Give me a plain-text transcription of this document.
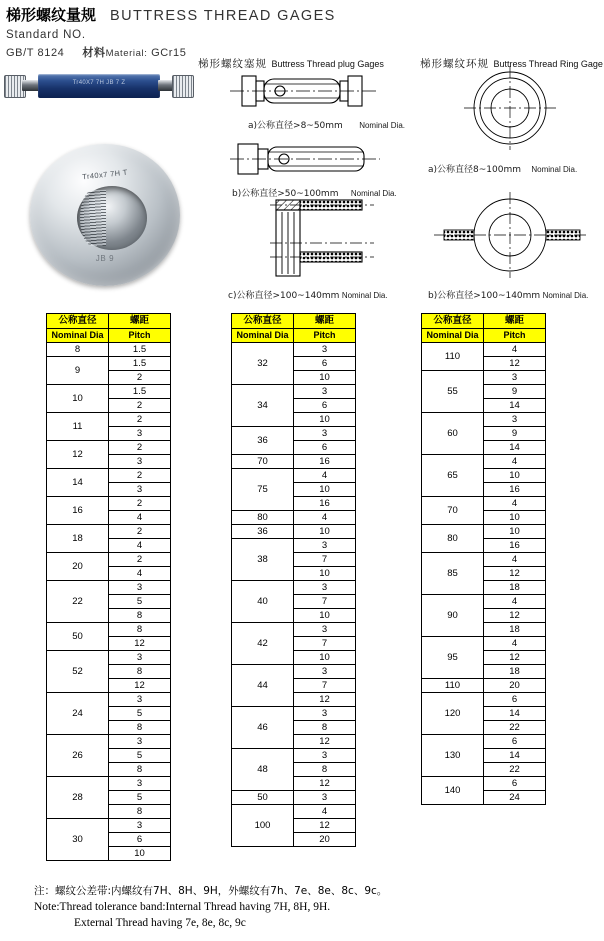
梯形螺纹量规 BUTTRESS THREAD GAGES
Standard NO.
GB/T 8124 材料Material: GCr15
Tr40X7 7H JB 7 Z
Tr40x7 7H T
JB 9
梯形螺纹塞规 Buttress Thread plug Gages	梯形螺纹环规 Buttress Thread Ring Gage
a)公称直径>8~50mm Nominal Dia.
b)公称直径>50~100mm Nominal Dia.
c)公称直径>100~140mm Nominal Dia.
a)公称直径8~100mm Nominal Dia.
b)公称直径>100~140mm Nominal Dia.
公称直径	螺距
Nominal Dia	Pitch
8	1.5
9	1.5
	2
10	1.5
	2
11	2
	3
12	2
	3
14	2
	3
16	2
	4
18	2
	4
20	2
	4
22	3
	5
	8
50	8
	12
52	3
	8
	12
24	3
	5
	8
26	3
	5
	8
28	3
	5
	8
30	3
	6
	10
公称直径	螺距
Nominal Dia	Pitch
32	3
	6
	10
34	3
	6
	10
36	3
	6
70	16
75	4
	10
	16
80	4
36	10
38	3
	7
	10
40	3
	7
	10
42	3
	7
	10
44	3
	7
	12
46	3
	8
	12
48	3
	8
	12
50	3
100	4
	12
	20
公称直径	螺距
Nominal Dia	Pitch
110	4
	12
55	3
	9
	14
60	3
	9
	14
65	4
	10
	16
70	4
	10
80	10
	16
85	4
	12
	18
90	4
	12
	18
95	4
	12
	18
110	20
120	6
	14
	22
130	6
	14
	22
140	6
	24
注：螺纹公差带:内螺纹有7H、8H、9H，外螺纹有7h、7e、8e、8c、9c。
Note:Thread tolerance band:Internal Thread having 7H, 8H, 9H.
External Thread having 7e, 8e, 8c, 9c
